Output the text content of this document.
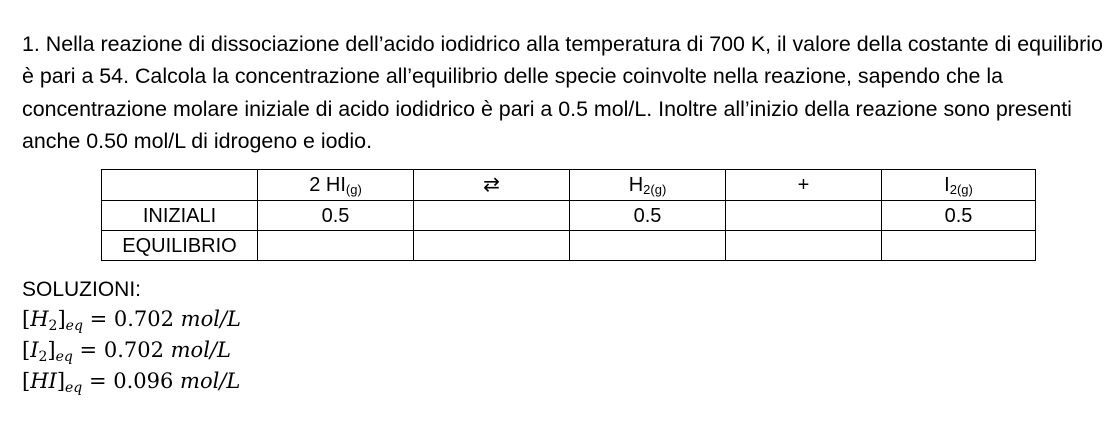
1. Nella reazione di dissociazione dell’acido iodidrico alla temperatura di 700 K, il valore della costante di equilibrio è pari a 54. Calcola la concentrazione all’equilibrio delle specie coinvolte nella reazione, sapendo che la concentrazione molare iniziale di acido iodidrico è pari a 0.5 mol/L. Inoltre all’inizio della reazione sono presenti anche 0.50 mol/L di idrogeno e iodio.

	2 $HI_{(g)}$	⇄	$H_{2(g)}$	+	$I_{2(g)}$
INIZIALI	0.5		0.5		0.5
EQUILIBRIO					
SOLUZIONI:
$[H_2]_{eq} = 0.702$ mol/L
$[I_2]_{eq} = 0.702$ mol/L
$[HI]_{eq} = 0.096$ mol/L
